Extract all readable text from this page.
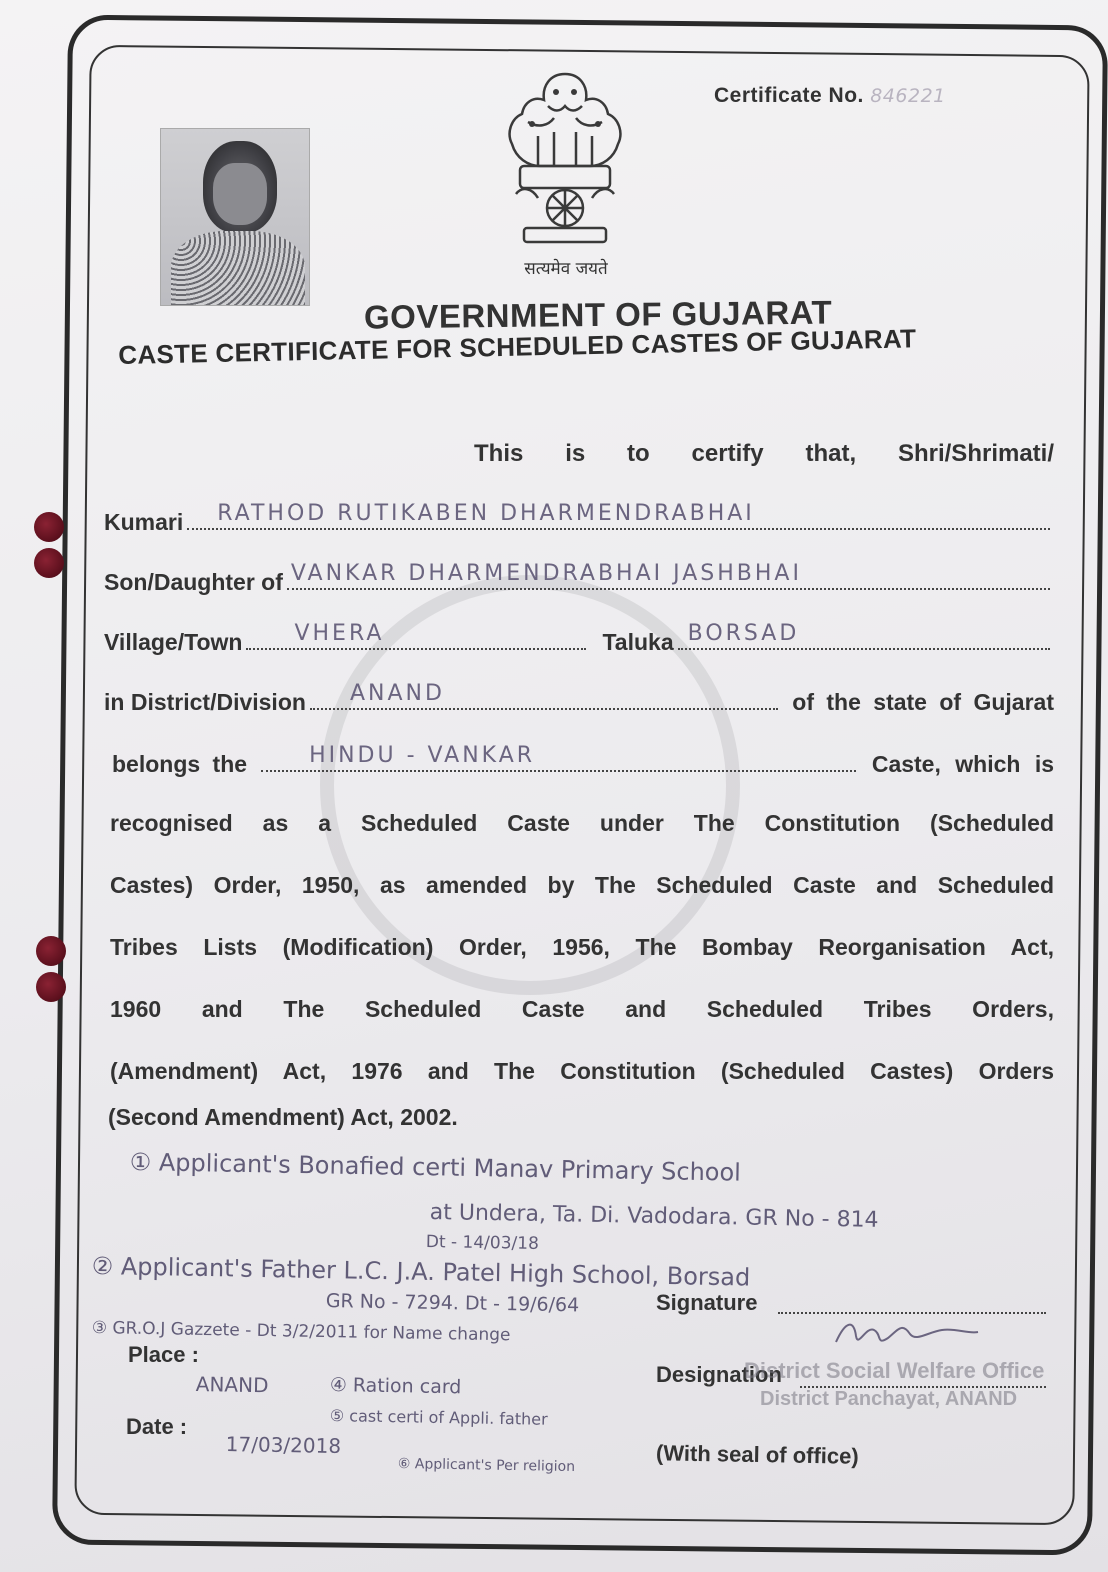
सत्यमेव जयते
Certificate No. 846221
GOVERNMENT OF GUJARAT
CASTE CERTIFICATE FOR SCHEDULED CASTES OF GUJARAT
This is to certify that, Shri/Shrimati/
Kumari RATHOD RUTIKABEN DHARMENDRABHAI
Son/Daughter of VANKAR DHARMENDRABHAI JASHBHAI
Village/Town VHERA	Taluka BORSAD
in District/Division ANAND	of the state of Gujarat
belongs the	HINDU - VANKAR	Caste, which is
recognised as a Scheduled Caste under The Constitution (Scheduled
Castes) Order, 1950, as amended by The Scheduled Caste and Scheduled
Tribes Lists (Modification) Order, 1956, The Bombay Reorganisation Act,
1960 and The Scheduled Caste and Scheduled Tribes Orders,
(Amendment) Act, 1976 and The Constitution (Scheduled Castes) Orders
(Second Amendment) Act, 2002.
① Applicant's Bonafied certi Manav Primary School
at Undera, Ta. Di. Vadodara. GR No - 814
Dt - 14/03/18
② Applicant's Father L.C. J.A. Patel High School, Borsad
GR No - 7294. Dt - 19/6/64
③ GR.O.J Gazzete - Dt 3/2/2011 for Name change
④ Ration card
⑤ cast certi of Appli. father
⑥ Applicant's Per religion
Place :
ANAND
Date :
17/03/2018
Signature
Designation
District Social Welfare Office
District Panchayat, ANAND
(With seal of office)
